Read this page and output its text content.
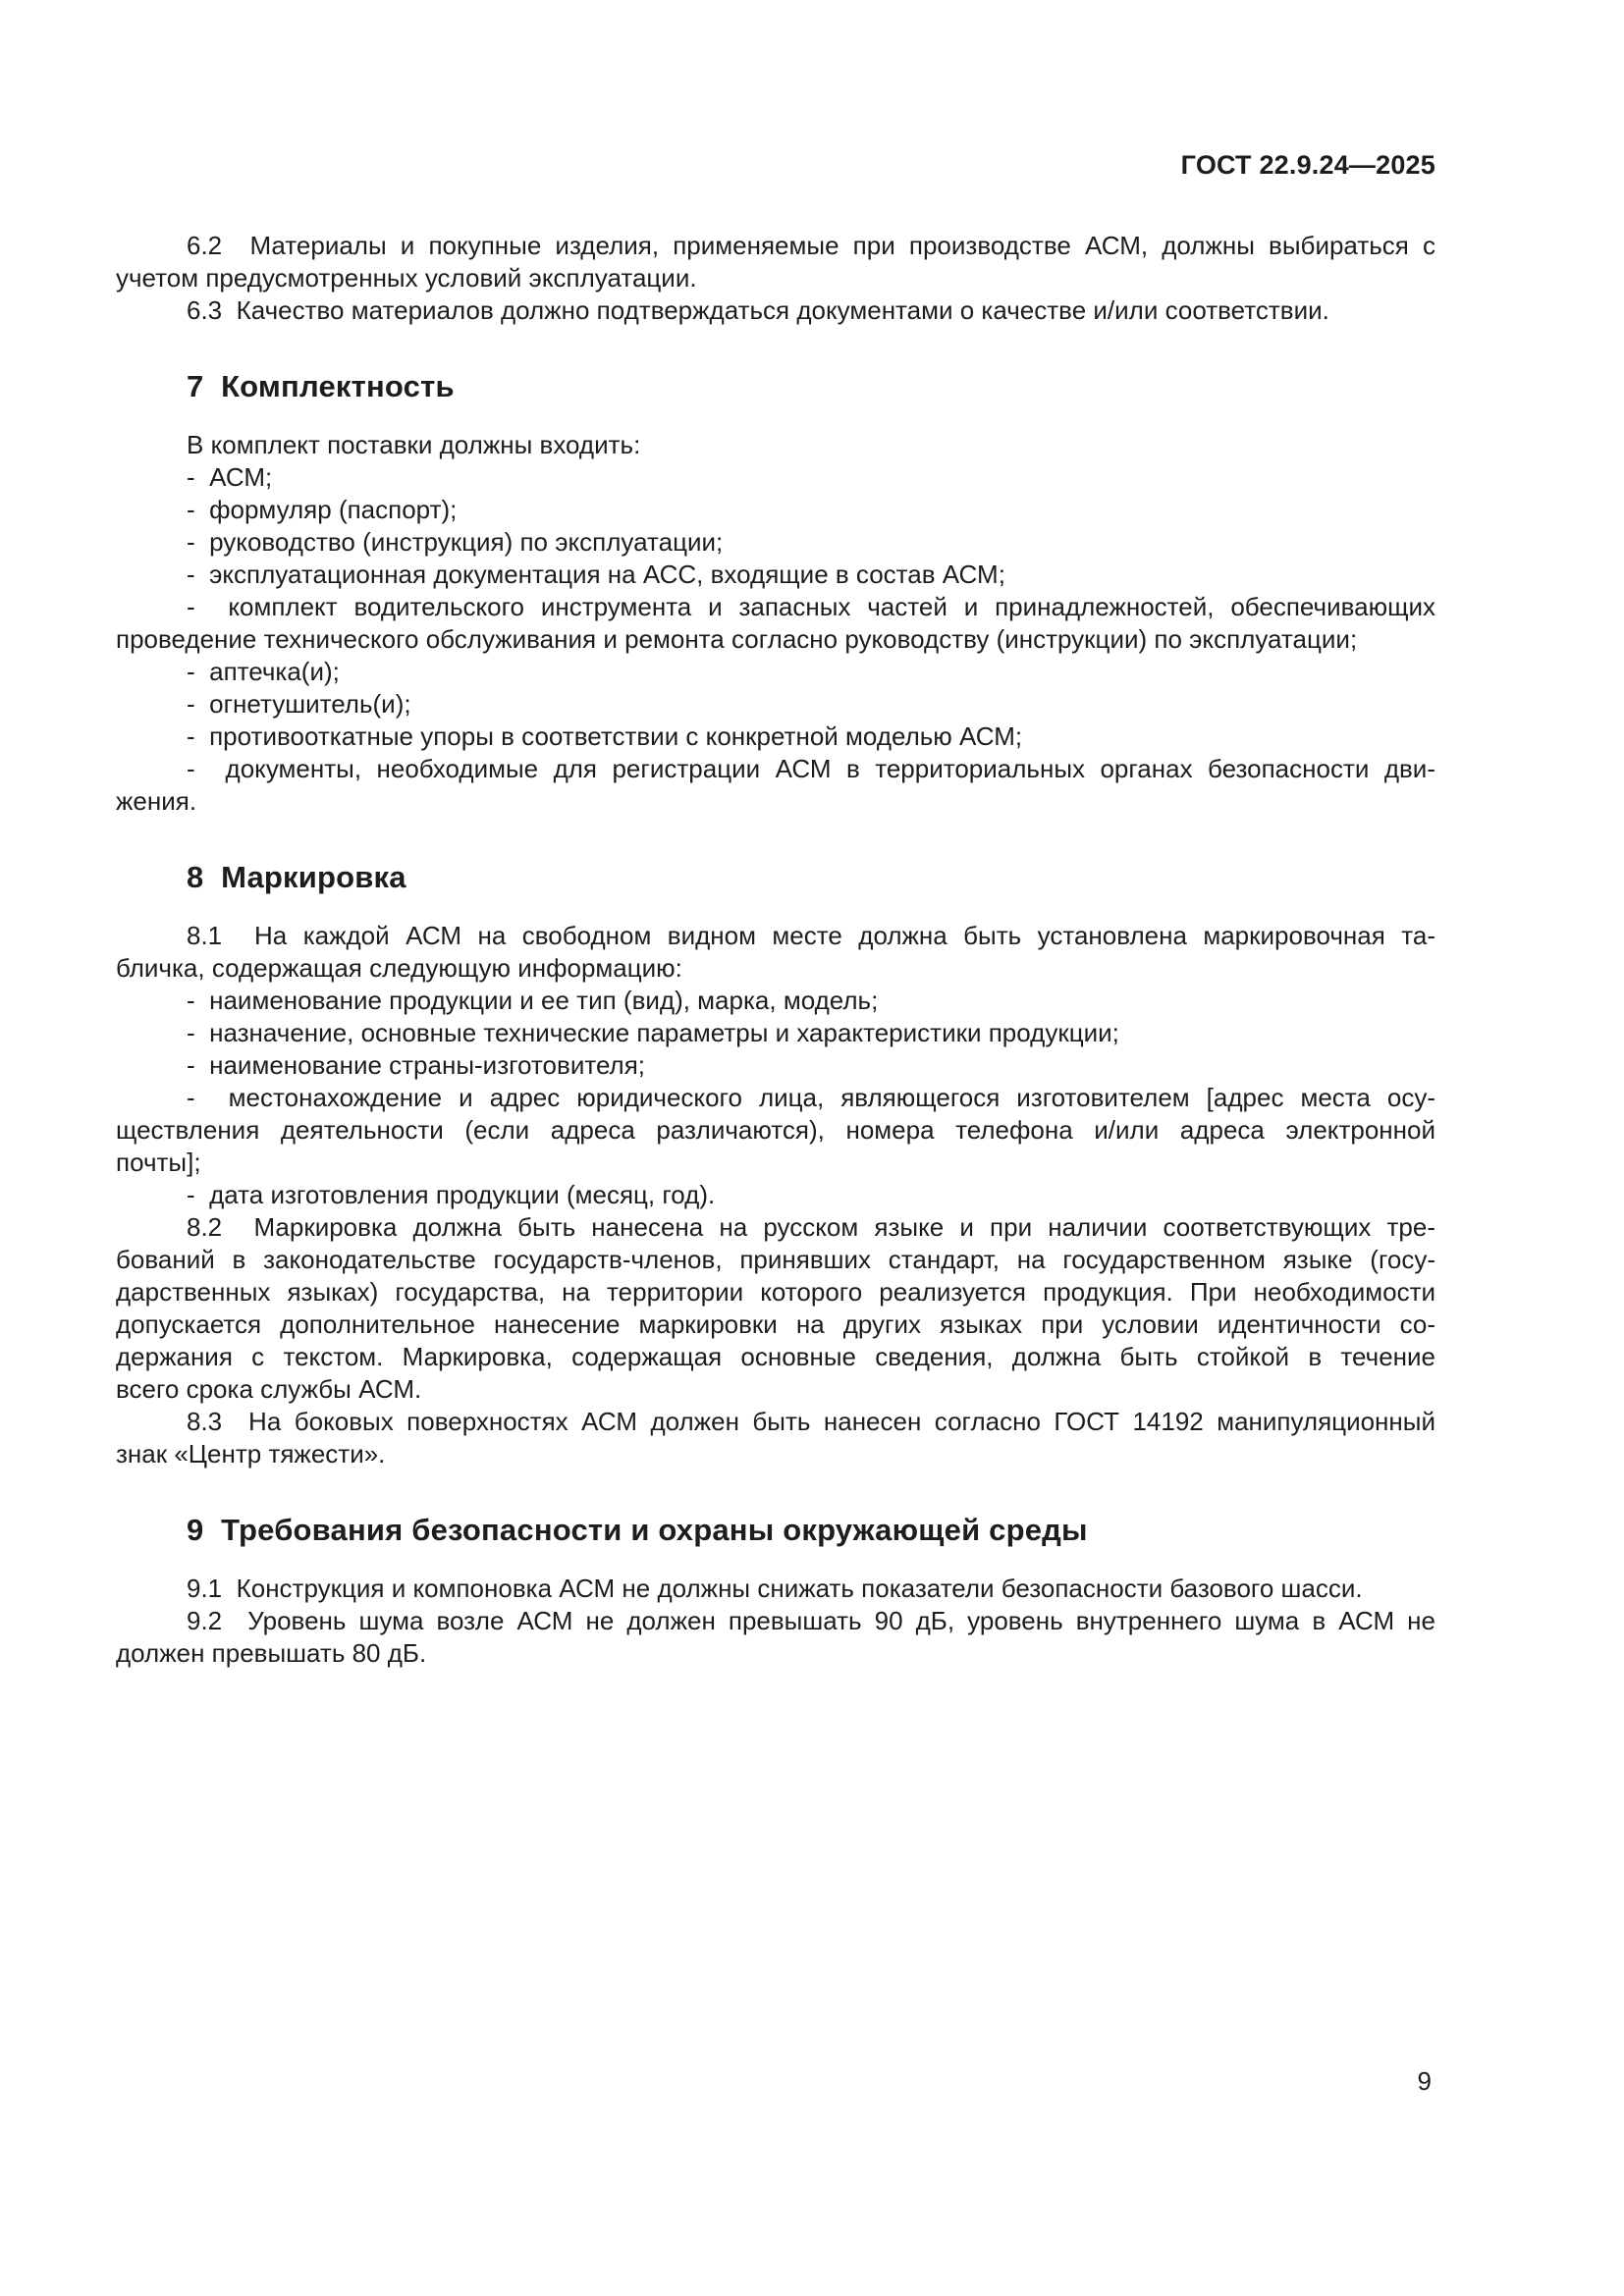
ГОСТ 22.9.24—2025
6.2  Материалы и покупные изделия, применяемые при производстве АСМ, должны выбираться с
учетом предусмотренных условий эксплуатации.
6.3  Качество материалов должно подтверждаться документами о качестве и/или соответствии.
7  Комплектность
В комплект поставки должны входить:
-  АСМ;
-  формуляр (паспорт);
-  руководство (инструкция) по эксплуатации;
-  эксплуатационная документация на АСС, входящие в состав АСМ;
-  комплект водительского инструмента и запасных частей и принадлежностей, обеспечивающих
проведение технического обслуживания и ремонта согласно руководству (инструкции) по эксплуатации;
-  аптечка(и);
-  огнетушитель(и);
-  противооткатные упоры в соответствии с конкретной моделью АСМ;
-  документы, необходимые для регистрации АСМ в территориальных органах безопасности дви-
жения.
8  Маркировка
8.1  На каждой АСМ на свободном видном месте должна быть установлена маркировочная та-
бличка, содержащая следующую информацию:
-  наименование продукции и ее тип (вид), марка, модель;
-  назначение, основные технические параметры и характеристики продукции;
-  наименование страны-изготовителя;
-  местонахождение и адрес юридического лица, являющегося изготовителем [адрес места осу-
ществления деятельности (если адреса различаются), номера телефона и/или адреса электронной
почты];
-  дата изготовления продукции (месяц, год).
8.2  Маркировка должна быть нанесена на русском языке и при наличии соответствующих тре-
бований в законодательстве государств-членов, принявших стандарт, на государственном языке (госу-
дарственных языках) государства, на территории которого реализуется продукция. При необходимости
допускается дополнительное нанесение маркировки на других языках при условии идентичности со-
держания с текстом. Маркировка, содержащая основные сведения, должна быть стойкой в течение
всего срока службы АСМ.
8.3  На боковых поверхностях АСМ должен быть нанесен согласно ГОСТ 14192 манипуляционный
знак «Центр тяжести».
9  Требования безопасности и охраны окружающей среды
9.1  Конструкция и компоновка АСМ не должны снижать показатели безопасности базового шасси.
9.2  Уровень шума возле АСМ не должен превышать 90 дБ, уровень внутреннего шума в АСМ не
должен превышать 80 дБ.
9
